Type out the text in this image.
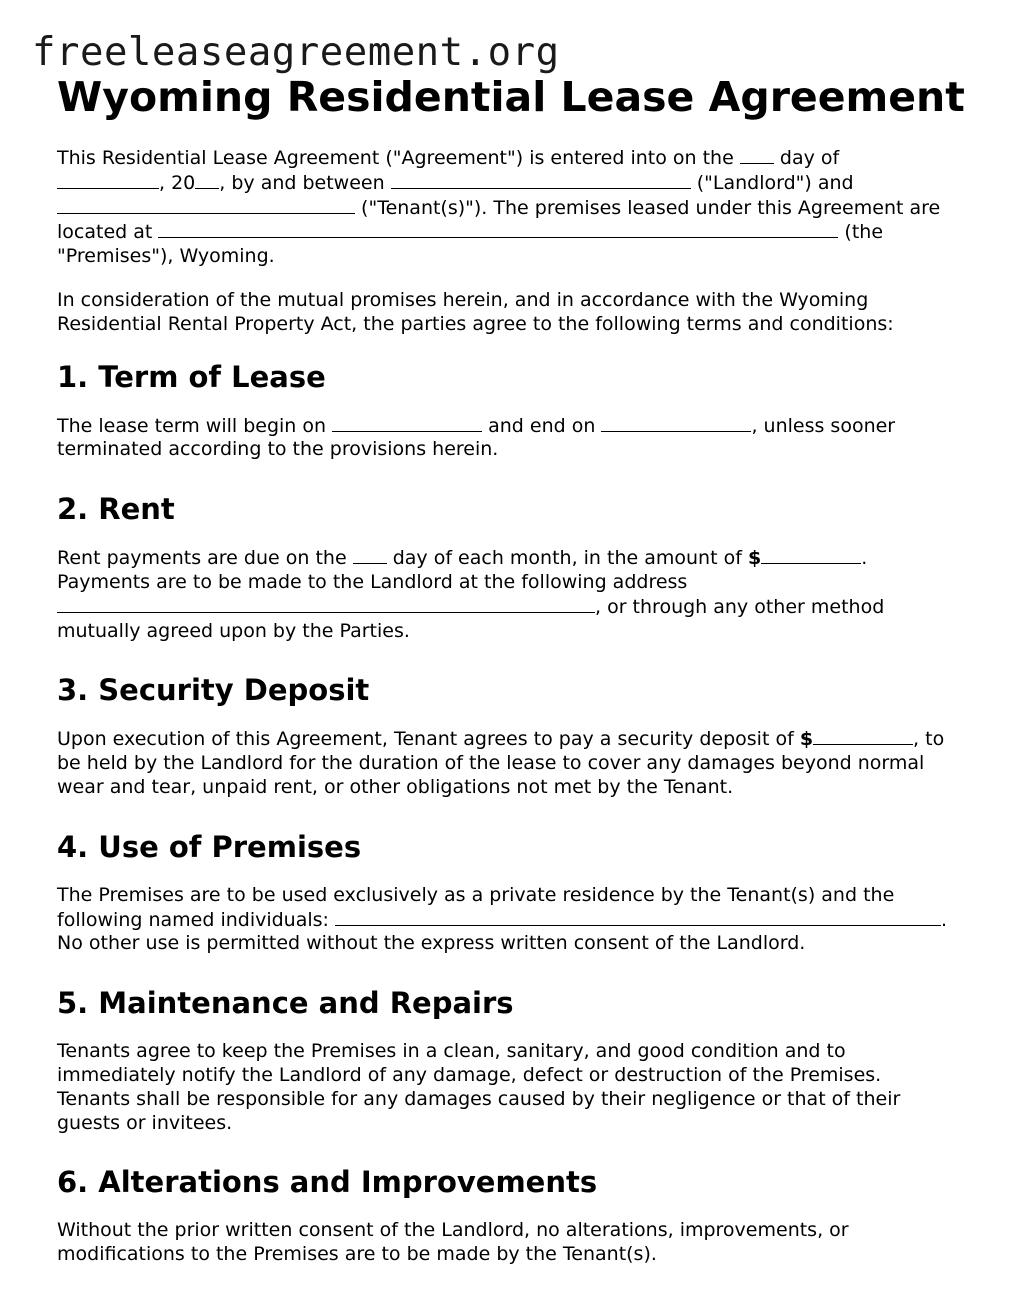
freeleaseagreement.org
Wyoming Residential Lease Agreement

This Residential Lease Agreement ("Agreement") is entered into on the  day of
, 20 , by and between	("Landlord") and
("Tenant(s)"). The premises leased under this Agreement are located at	(the "Premises"), Wyoming.

In consideration of the mutual promises herein, and in accordance with the Wyoming Residential Rental Property Act, the parties agree to the following terms and conditions:

1. Term of Lease

The lease term will begin on	and end on	, unless sooner terminated according to the provisions herein.

2. Rent

Rent payments are due on the  day of each month, in the amount of $	. Payments are to be made to the Landlord at the following address
, or through any other method mutually agreed upon by the Parties.

3. Security Deposit

Upon execution of this Agreement, Tenant agrees to pay a security deposit of $	, to be held by the Landlord for the duration of the lease to cover any damages beyond normal wear and tear, unpaid rent, or other obligations not met by the Tenant.

4. Use of Premises

The Premises are to be used exclusively as a private residence by the Tenant(s) and the following named individuals:	. No other use is permitted without the express written consent of the Landlord.

5. Maintenance and Repairs

Tenants agree to keep the Premises in a clean, sanitary, and good condition and to immediately notify the Landlord of any damage, defect or destruction of the Premises. Tenants shall be responsible for any damages caused by their negligence or that of their guests or invitees.

6. Alterations and Improvements

Without the prior written consent of the Landlord, no alterations, improvements, or modifications to the Premises are to be made by the Tenant(s).
